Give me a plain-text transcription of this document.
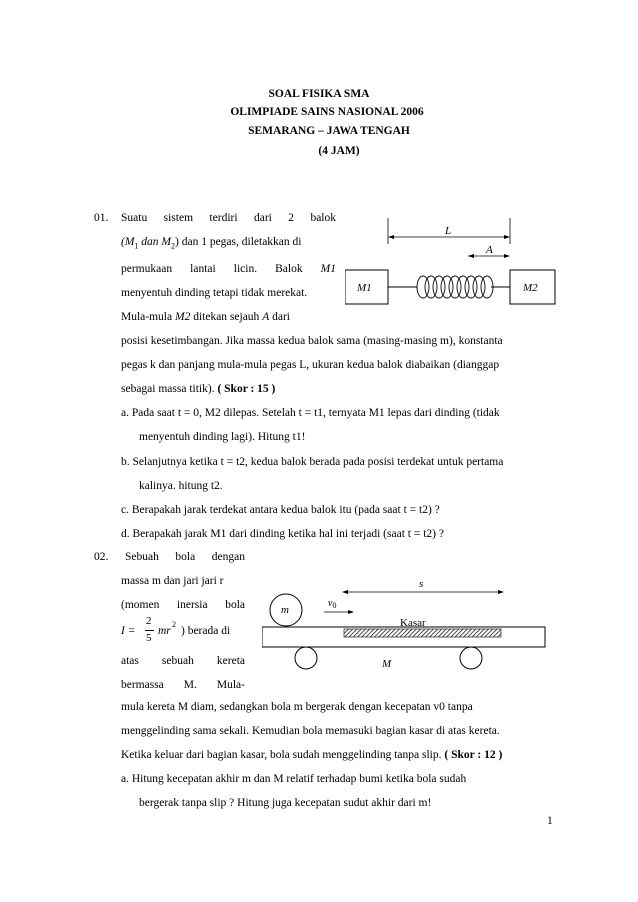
SOAL FISIKA SMA
OLIMPIADE SAINS NASIONAL 2006
SEMARANG – JAWA TENGAH
(4 JAM)
01. Suatu sistem terdiri dari 2 balok
($M_1$ dan $M_2$) dan 1 pegas, diletakkan di
permukaan lantai licin. Balok M1
menyentuh dinding tetapi tidak merekat.
Mula-mula M2 ditekan sejauh A dari
posisi kesetimbangan. Jika massa kedua balok sama (masing-masing m), konstanta
pegas k dan panjang mula-mula pegas L, ukuran kedua balok diabaikan (dianggap
sebagai massa titik). ( Skor : 15 )
a. Pada saat t = 0, M2 dilepas. Setelah t = t1, ternyata M1 lepas dari dinding (tidak
menyentuh dinding lagi). Hitung t1!
b. Selanjutnya ketika t = t2, kedua balok berada pada posisi terdekat untuk pertama
kalinya. hitung t2.
c. Berapakah jarak terdekat antara kedua balok itu (pada saat t = t2) ?
d. Berapakah jarak M1 dari dinding ketika hal ini terjadi (saat t = t2) ?
L
A
M1	M2
02. Sebuah bola dengan
massa m dan jari jari r
(momen inersia bola
I =
2
5
mr
2
) berada di
atas sebuah kereta
bermassa M. Mula-
mula kereta M diam, sedangkan bola m bergerak dengan kecepatan v0 tanpa
menggelinding sama sekali. Kemudian bola memasuki bagian kasar di atas kereta.
Ketika keluar dari bagian kasar, bola sudah menggelinding tanpa slip. ( Skor : 12 )
a. Hitung kecepatan akhir m dan M relatif terhadap bumi ketika bola sudah
bergerak tanpa slip ? Hitung juga kecepatan sudut akhir dari m!
s
$v_0$
m
Kasar
M
1
